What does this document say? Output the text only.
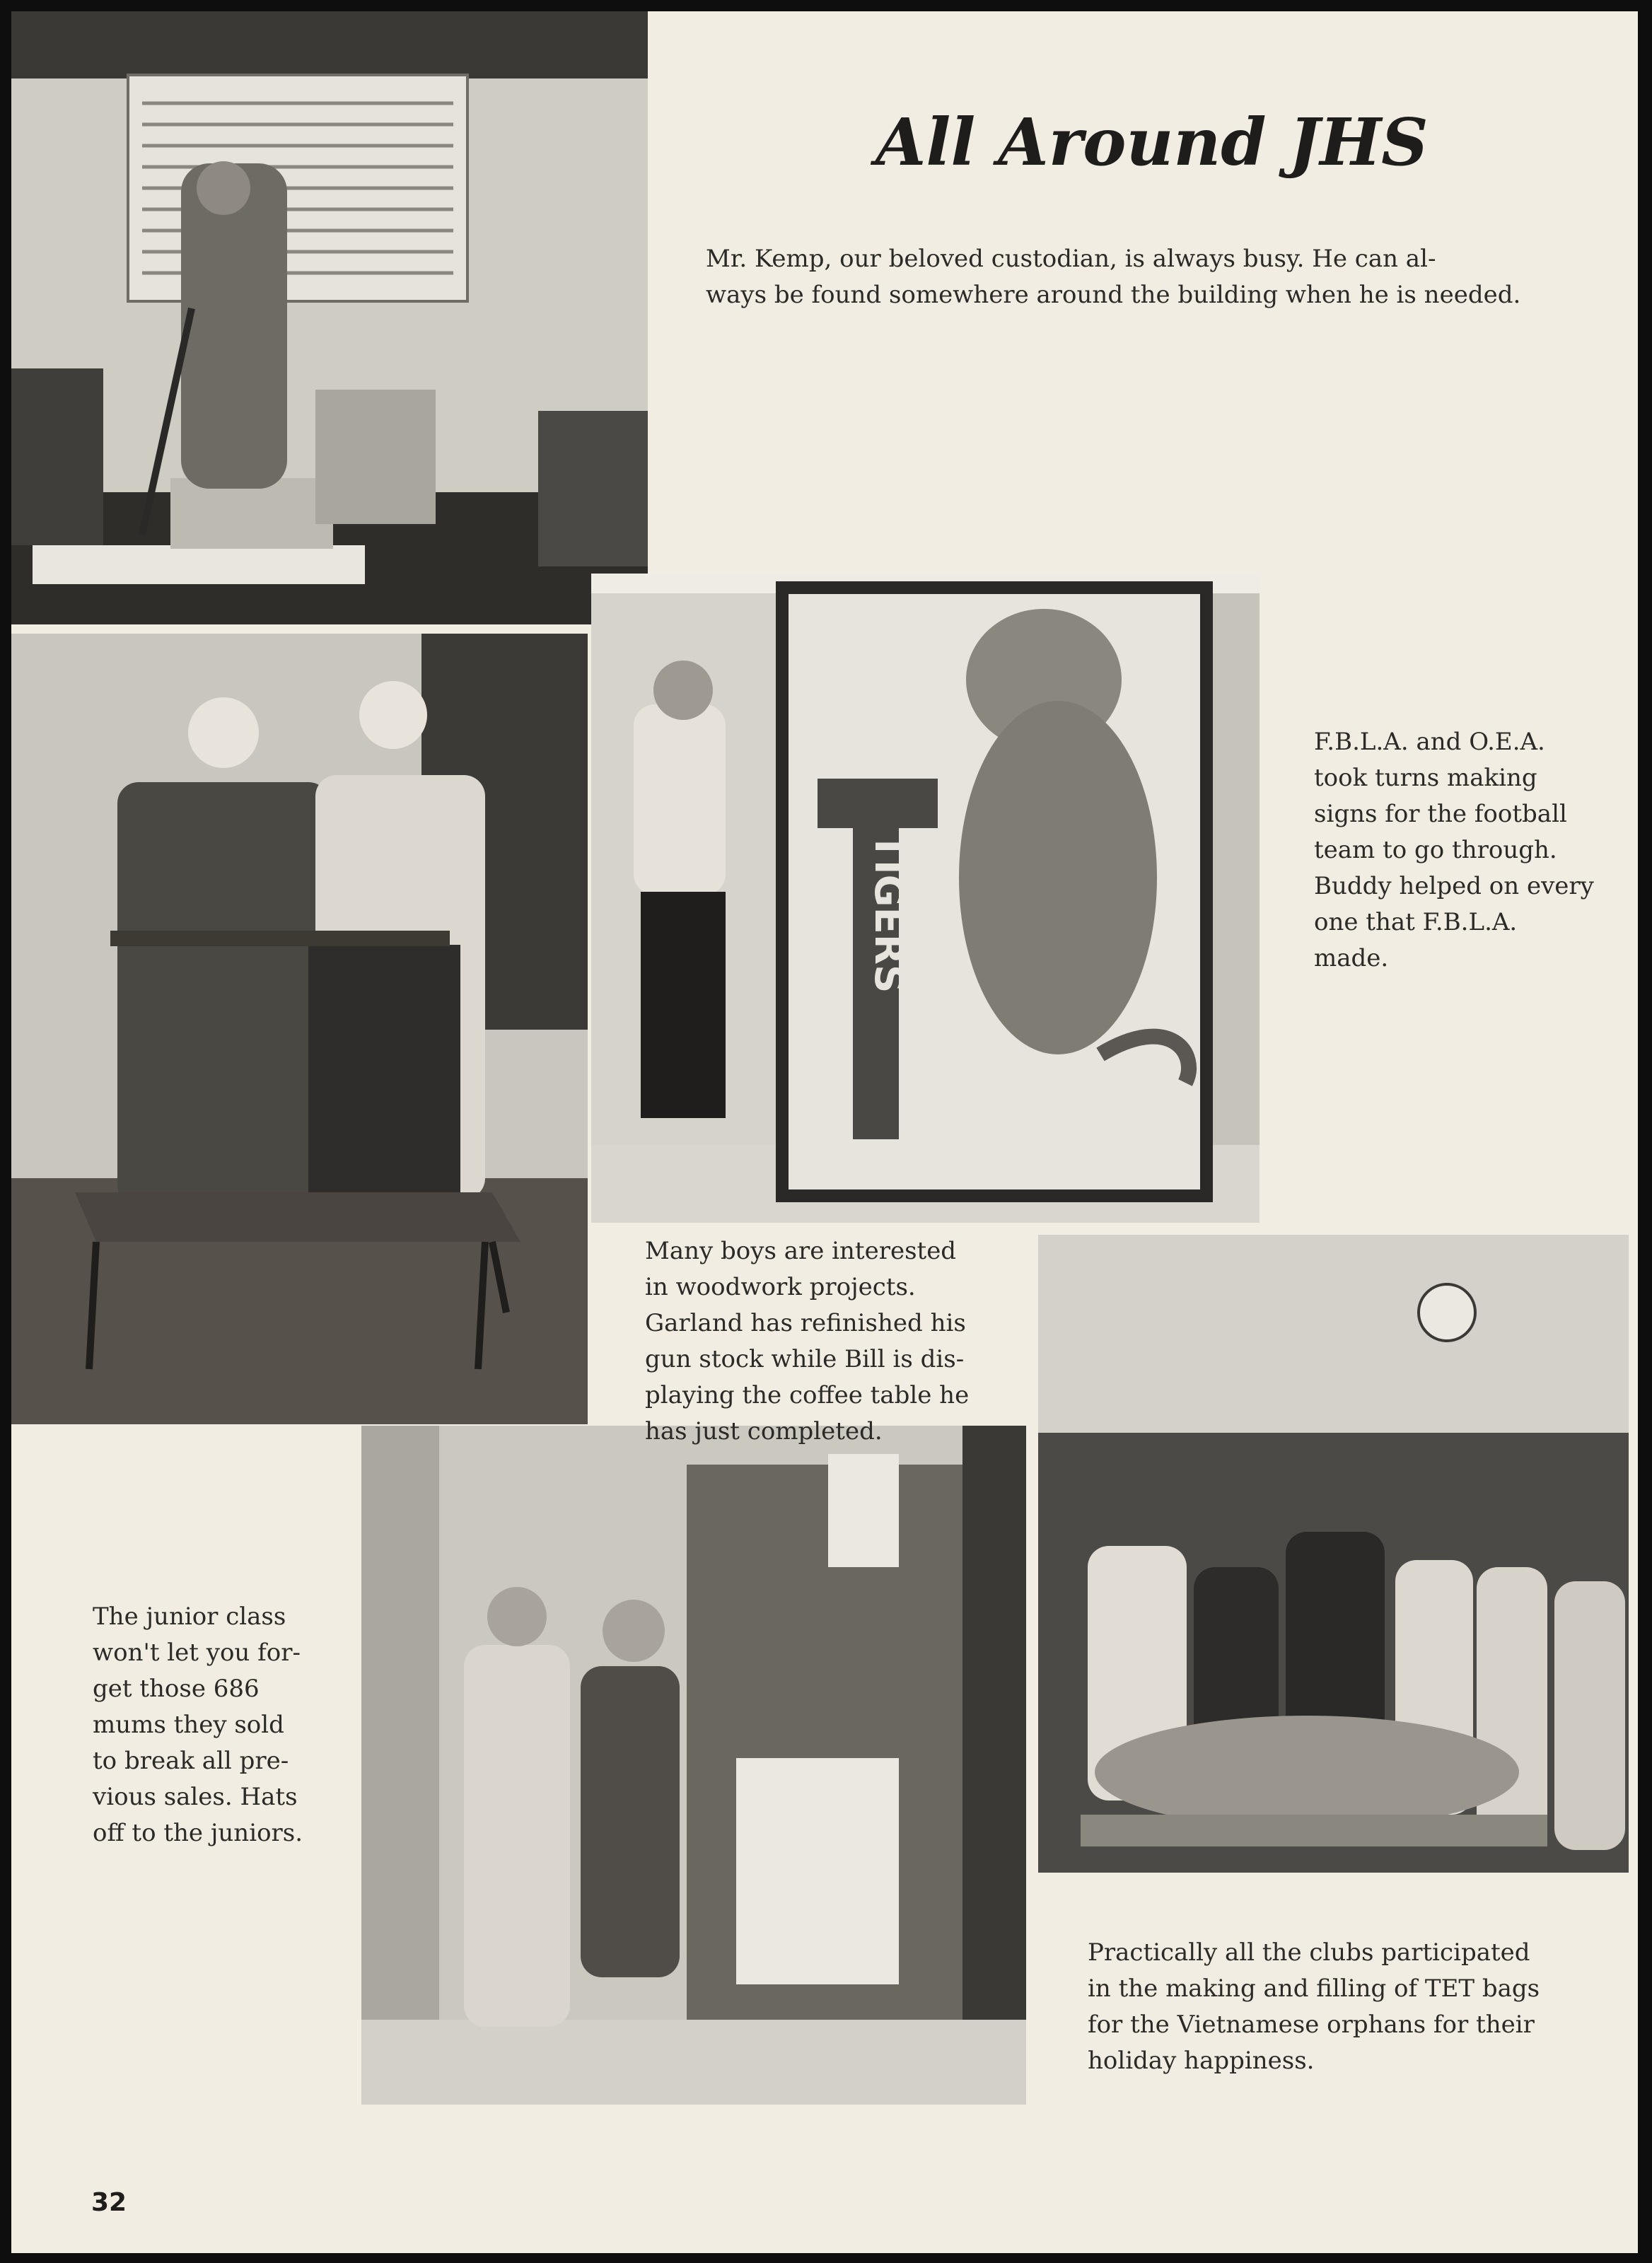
TIGERS
All Around JHS

Mr. Kemp, our beloved custodian, is always busy. He can al-
ways be found somewhere around the building when he is needed.

F.B.L.A. and O.E.A.
took turns making
signs for the football
team to go through.
Buddy helped on every
one that F.B.L.A.
made.

Many boys are interested
in woodwork projects.
Garland has refinished his
gun stock while Bill is dis-
playing the coffee table he
has just completed.

The junior class
won't let you for-
get those 686
mums they sold
to break all pre-
vious sales. Hats
off to the juniors.

Practically all the clubs participated
in the making and filling of TET bags
for the Vietnamese orphans for their
holiday happiness.

32
